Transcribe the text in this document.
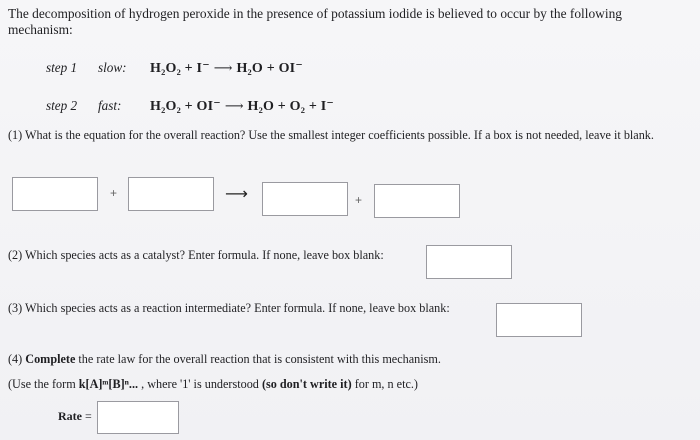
The decomposition of hydrogen peroxide in the presence of potassium iodide is believed to occur by the following mechanism:
step 1	slow:	H₂O₂ + I⁻ ⟶ H₂O + OI⁻
step 2	fast:	H₂O₂ + OI⁻ ⟶ H₂O + O₂ + I⁻
(1) What is the equation for the overall reaction? Use the smallest integer coefficients possible. If a box is not needed, leave it blank.
+	⟶	+
(2) Which species acts as a catalyst? Enter formula. If none, leave box blank:
(3) Which species acts as a reaction intermediate? Enter formula. If none, leave box blank:
(4) Complete the rate law for the overall reaction that is consistent with this mechanism.
(Use the form k[A]ᵐ[B]ⁿ... , where '1' is understood (so don't write it) for m, n etc.)
Rate =
